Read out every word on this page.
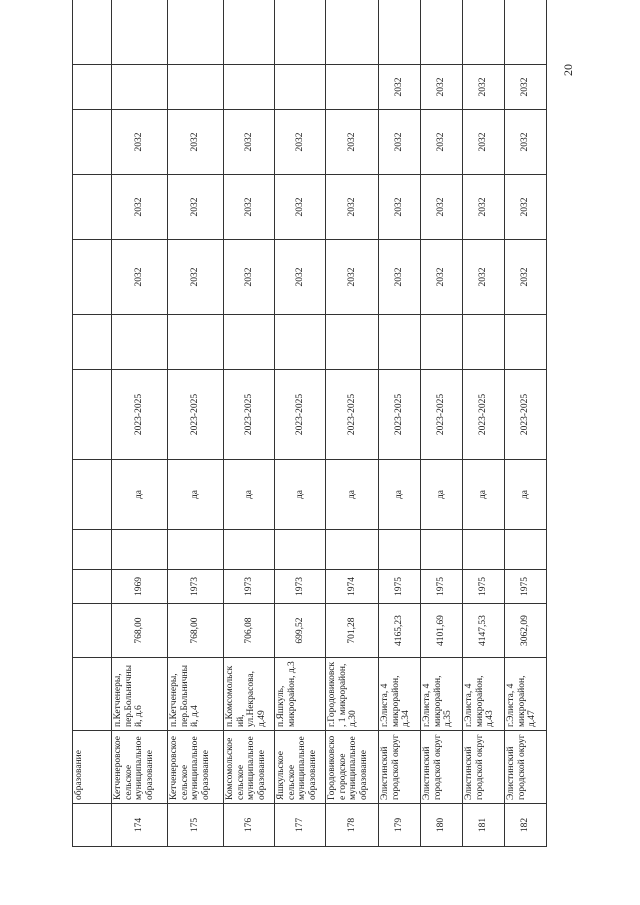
20
	образование												
174	Кетченеровское сельское муниципальное образование	п.Кетченеры, пер.Больничный, д.6	768,00	1969		да	2023-2025		2032	2032	2032		
175	Кетченеровское сельское муниципальное образование	п.Кетченеры, пер.Больничный, д.4	768,00	1973		да	2023-2025		2032	2032	2032		
176	Комсомольское сельское муниципальное образование	п.Комсомольский, ул.Некрасова, д.49	706,08	1973		да	2023-2025		2032	2032	2032		
177	Яшкульское сельское муниципальное образование	п.Яшкуль, микрорайон, д.3	699,52	1973		да	2023-2025		2032	2032	2032		
178	Городовиковское городское муниципальное образование	г.Городовиковск, 1 микрорайон, д.30	701,28	1974		да	2023-2025		2032	2032	2032		
179	Элистинский городской округ	г.Элиста, 4 микрорайон, д.34	4165,23	1975		да	2023-2025		2032	2032	2032	2032	
180	Элистинский городской округ	г.Элиста, 4 микрорайон, д.35	4101,69	1975		да	2023-2025		2032	2032	2032	2032	
181	Элистинский городской округ	г.Элиста, 4 микрорайон, д.43	4147,53	1975		да	2023-2025		2032	2032	2032	2032	
182	Элистинский городской округ	г.Элиста, 4 микрорайон, д.47	3062,09	1975		да	2023-2025		2032	2032	2032	2032	
